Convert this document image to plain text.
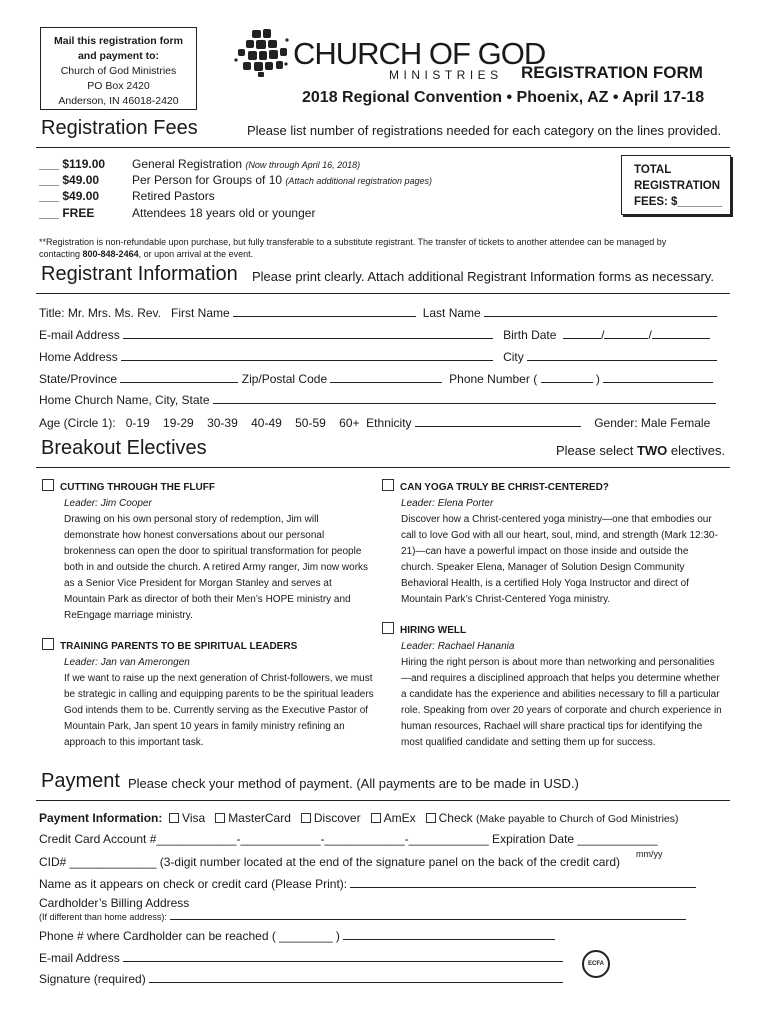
Mail this registration form
and payment to:
Church of God Ministries
PO Box 2420
Anderson, IN 46018-2420
CHURCH OF GOD
MINISTRIES REGISTRATION FORM
2018 Regional Convention • Phoenix, AZ • April 17-18
Registration Fees	Please list number of registrations needed for each category on the lines provided.
___ $119.00 General Registration (Now through April 16, 2018)
___ $49.00	Per Person for Groups of 10 (Attach additional registration pages)
___ $49.00	Retired Pastors
___ FREE	Attendees 18 years old or younger
TOTAL
REGISTRATION
FEES: $_______
**Registration is non-refundable upon purchase, but fully transferable to a substitute registrant. The transfer of tickets to another attendee can be managed by
contacting 800-848-2464, or upon arrival at the event.
Registrant Information Please print clearly. Attach additional Registrant Information forms as necessary.
Title: Mr. Mrs. Ms. Rev. First Name	Last Name
E-mail Address	Birth Date	/	/
Home Address	City
State/Province	Zip/Postal Code	Phone Number (	)
Home Church Name, City, State
Age (Circle 1):   0-19    19-29    30-39    40-49    50-59    60+  Ethnicity	Gender: Male Female
Breakout Electives	Please select TWO electives.
CUTTING THROUGH THE FLUFF
Leader: Jim Cooper
Drawing on his own personal story of redemption, Jim will demonstrate how honest conversations about our personal brokenness can open the door to spiritual transformation for people both in and outside the church. A retired Army ranger, Jim now works as a Senior Vice President for Morgan Stanley and serves at Mountain Park as director of both their Men’s HOPE ministry and ReEngage marriage ministry.
TRAINING PARENTS TO BE SPIRITUAL LEADERS
Leader: Jan van Amerongen
If we want to raise up the next generation of Christ-followers, we must be strategic in calling and equipping parents to be the spiritual leaders God intends them to be. Currently serving as the Executive Pastor of Mountain Park, Jan spent 10 years in family ministry refining an approach to this important task.
CAN YOGA TRULY BE CHRIST-CENTERED?
Leader: Elena Porter
Discover how a Christ-centered yoga ministry—one that embodies our call to love God with all our heart, soul, mind, and strength (Mark 12:30-21)—can have a powerful impact on those inside and outside the church. Speaker Elena, Manager of Solution Design Community Behavioral Health, is a certified Holy Yoga Instructor and direct of Mountain Park’s Christ-Centered Yoga ministry.
HIRING WELL
Leader: Rachael Hanania
Hiring the right person is about more than networking and personalities—and requires a disciplined approach that helps you determine whether a candidate has the experience and abilities necessary to fill a particular role. Speaking from over 20 years of corporate and church experience in human resources, Rachael will share practical tips for identifying the most qualified candidate and setting them up for success.
Payment Please check your method of payment. (All payments are to be made in USD.)
Payment Information: Visa MasterCard Discover AmEx Check (Make payable to Church of God Ministries)
Credit Card Account #____________-____________-____________-____________ Expiration Date ____________
mm/yy
CID# _____________ (3-digit number located at the end of the signature panel on the back of the credit card)
Name as it appears on check or credit card (Please Print):
Cardholder’s Billing Address
(If different than home address):
Phone # where Cardholder can be reached ( ________ )
E-mail Address
Signature (required)
ECFA
